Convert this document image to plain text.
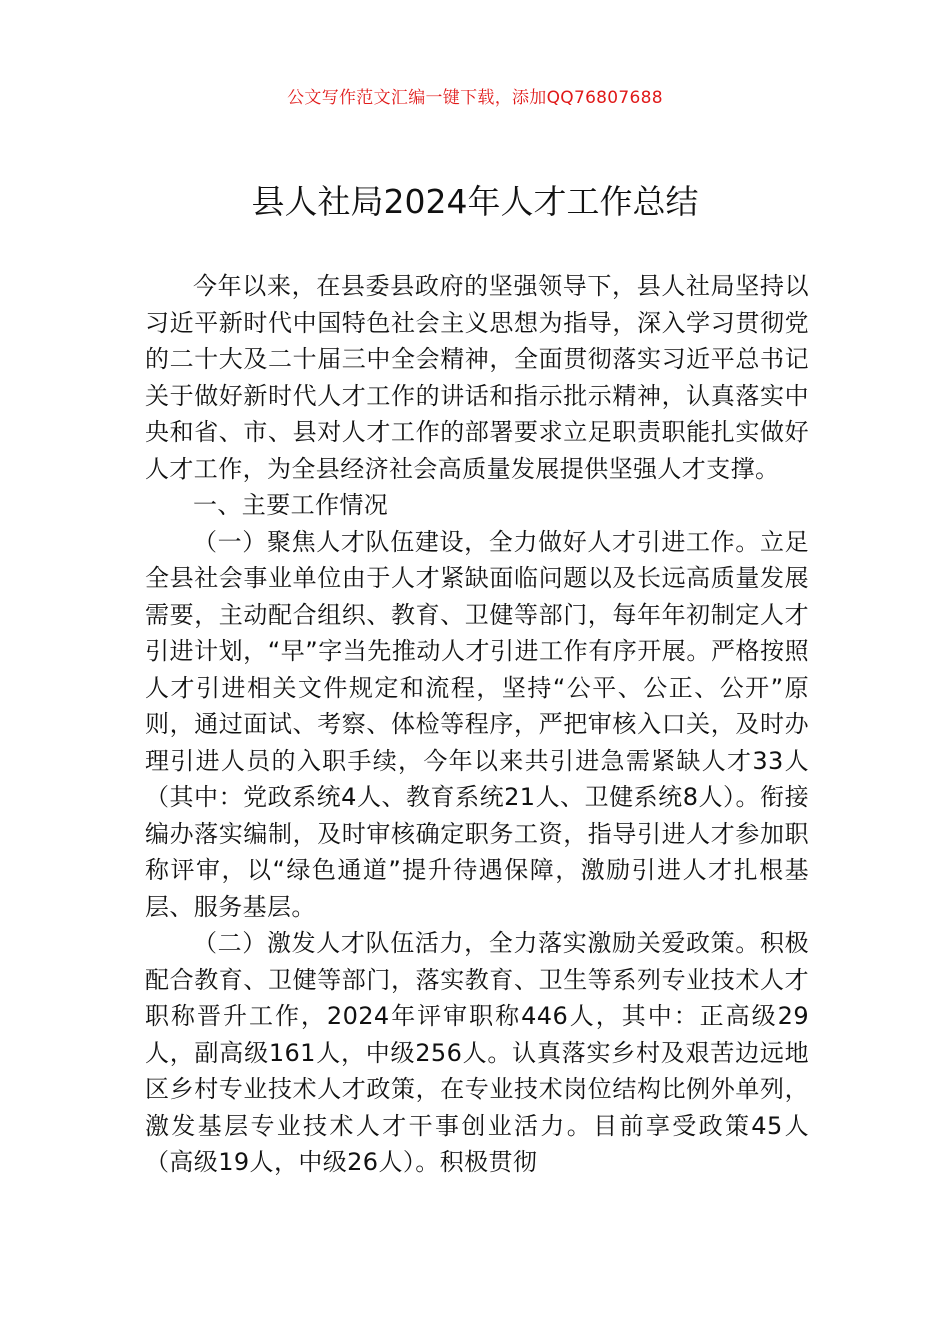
公文写作范文汇编一键下载，添加QQ76807688
县人社局2024年人才工作总结

今年以来，在县委县政府的坚强领导下，县人社局坚持以习近平新时代中国特色社会主义思想为指导，深入学习贯彻党的二十大及二十届三中全会精神，全面贯彻落实习近平总书记关于做好新时代人才工作的讲话和指示批示精神，认真落实中央和省、市、县对人才工作的部署要求立足职责职能扎实做好人才工作，为全县经济社会高质量发展提供坚强人才支撑。

一、主要工作情况

（一）聚焦人才队伍建设，全力做好人才引进工作。立足全县社会事业单位由于人才紧缺面临问题以及长远高质量发展需要，主动配合组织、教育、卫健等部门，每年年初制定人才引进计划，“早”字当先推动人才引进工作有序开展。严格按照人才引进相关文件规定和流程，坚持“公平、公正、公开”原则，通过面试、考察、体检等程序，严把审核入口关，及时办理引进人员的入职手续，今年以来共引进急需紧缺人才33人（其中：党政系统4人、教育系统21人、卫健系统8人）。衔接编办落实编制，及时审核确定职务工资，指导引进人才参加职称评审，以“绿色通道”提升待遇保障，激励引进人才扎根基层、服务基层。

（二）激发人才队伍活力，全力落实激励关爱政策。积极配合教育、卫健等部门，落实教育、卫生等系列专业技术人才职称晋升工作，2024年评审职称446人，其中：正高级29人，副高级161人，中级256人。认真落实乡村及艰苦边远地区乡村专业技术人才政策，在专业技术岗位结构比例外单列，激发基层专业技术人才干事创业活力。目前享受政策45人（高级19人，中级26人）。积极贯彻
